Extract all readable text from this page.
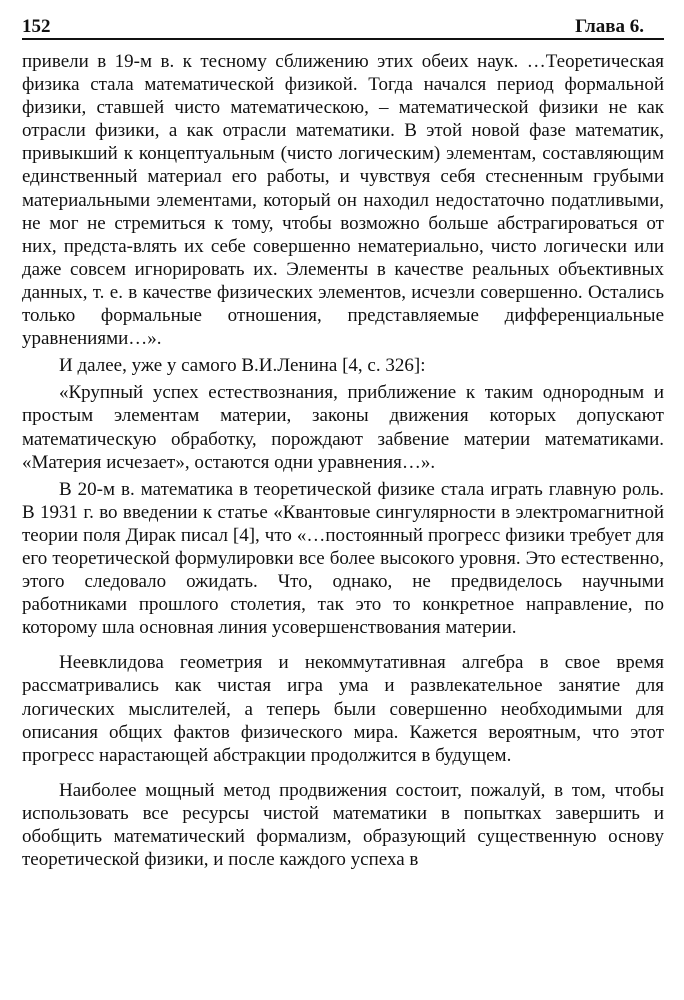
152	Глава 6.

привели в 19-м в. к тесному сближению этих обеих наук. …Теоретическая физика стала математической физикой. Тогда начался период формальной физики, ставшей чисто математическою, – математической физики не как отрасли физики, а как отрасли математики. В этой новой фазе математик, привыкший к концептуальным (чисто логическим) элементам, составляющим единственный материал его работы, и чувствуя себя стесненным грубыми материальными элементами, который он находил недостаточно податливыми, не мог не стремиться к тому, чтобы возможно больше абстрагироваться от них, предста-влять их себе совершенно нематериально, чисто логически или даже совсем игнорировать их. Элементы в качестве реальных объективных данных, т. е. в качестве физических элементов, исчезли совершенно. Остались только формальные отношения, представляемые дифференциальные уравнениями…».

И далее, уже у самого В.И.Ленина [4, с. 326]:

«Крупный успех естествознания, приближение к таким однородным и простым элементам материи, законы движения которых допускают математическую обработку, порождают забвение материи математиками. «Материя исчезает», остаются одни уравнения…».

В 20-м в. математика в теоретической физике стала играть главную роль. В 1931 г. во введении к статье «Квантовые сингулярности в электромагнитной теории поля Дирак писал [4], что «…постоянный прогресс физики требует для его теоретической формулировки все более высокого уровня. Это естественно, этого следовало ожидать. Что, однако, не предвиделось научными работниками прошлого столетия, так это то конкретное направление, по которому шла основная линия усовершенствования материи.

Неевклидова геометрия и некоммутативная алгебра в свое время рассматривались как чистая игра ума и развлекательное занятие для логических мыслителей, а теперь были совершенно необходимыми для описания общих фактов физического мира. Кажется вероятным, что этот прогресс нарастающей абстракции продолжится в будущем.

Наиболее мощный метод продвижения состоит, пожалуй, в том, чтобы использовать все ресурсы чистой математики в попытках завершить и обобщить математический формализм, образующий существенную основу теоретической физики, и после каждого успеха в
